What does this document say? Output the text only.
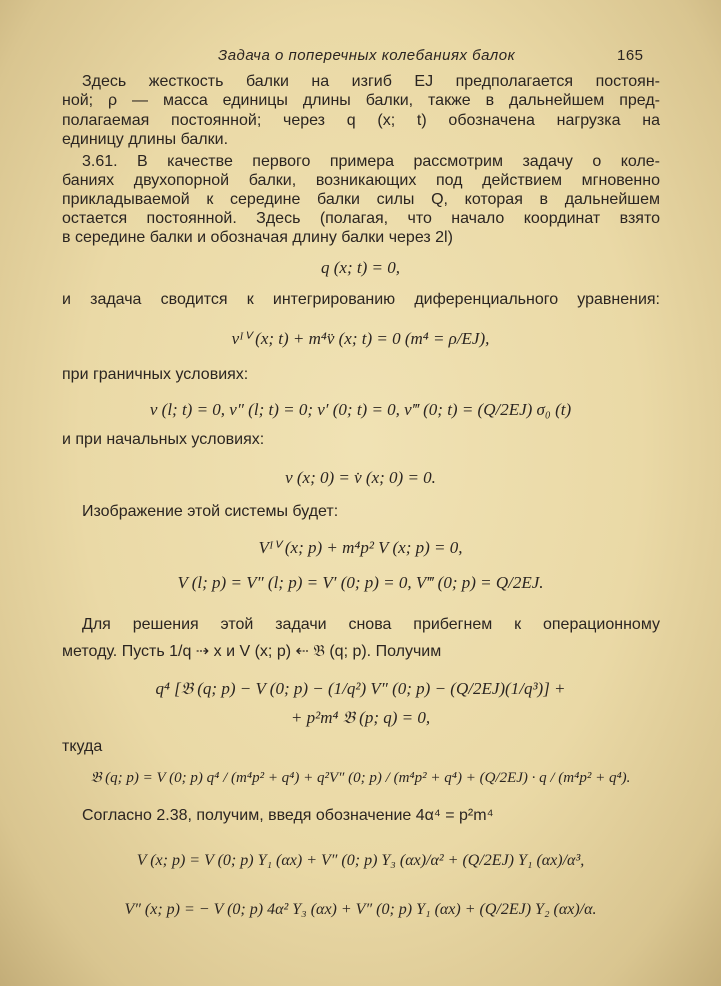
Задача о поперечных колебаниях балок	165
Здесь жесткость балки на изгиб EJ предполагается постоян-
ной; ρ — масса единицы длины балки, также в дальнейшем пред-
полагаемая постоянной; через q (x; t) обозначена нагрузка на
единицу длины балки.
3.61. В качестве первого примера рассмотрим задачу о коле-
баниях двухопорной балки, возникающих под действием мгновенно
прикладываемой к середине балки силы Q, которая в дальнейшем
остается постоянной. Здесь (полагая, что начало координат взято
в середине балки и обозначая длину балки через 2l)
q (x; t) = 0,
и задача сводится к интегрированию диференциального уравнения:
vᴵⱽ (x; t) + m⁴v̈ (x; t) = 0 (m⁴ = ρ/EJ),
при граничных условиях:
v (l; t) = 0, v″ (l; t) = 0; v′ (0; t) = 0, v‴ (0; t) = (Q/2EJ) σ₀ (t)
и при начальных условиях:
v (x; 0) = v̇ (x; 0) = 0.
Изображение этой системы будет:
Vᴵⱽ (x; p) + m⁴p² V (x; p) = 0,
V (l; p) = V″ (l; p) = V′ (0; p) = 0, V‴ (0; p) = Q/2EJ.
Для решения этой задачи снова прибегнем к операционному
методу. Пусть 1/q ⇢ x и V (x; p) ⇠ 𝔅 (q; p). Получим
q⁴ [𝔅 (q; p) − V (0; p) − (1/q²) V″ (0; p) − (Q/2EJ)(1/q³)] +
+ p²m⁴ 𝔅 (p; q) = 0,
ткуда
𝔅 (q; p) = V (0; p) q⁴ / (m⁴p² + q⁴) + q²V″ (0; p) / (m⁴p² + q⁴) + (Q/2EJ) · q / (m⁴p² + q⁴).
Согласно 2.38, получим, введя обозначение 4α⁴ = p²m⁴
V (x; p) = V (0; p) Y₁ (αx) + V″ (0; p) Y₃ (αx)/α² + (Q/2EJ) Y₁ (αx)/α³,
V″ (x; p) = − V (0; p) 4α² Y₃ (αx) + V″ (0; p) Y₁ (αx) + (Q/2EJ) Y₂ (αx)/α.
